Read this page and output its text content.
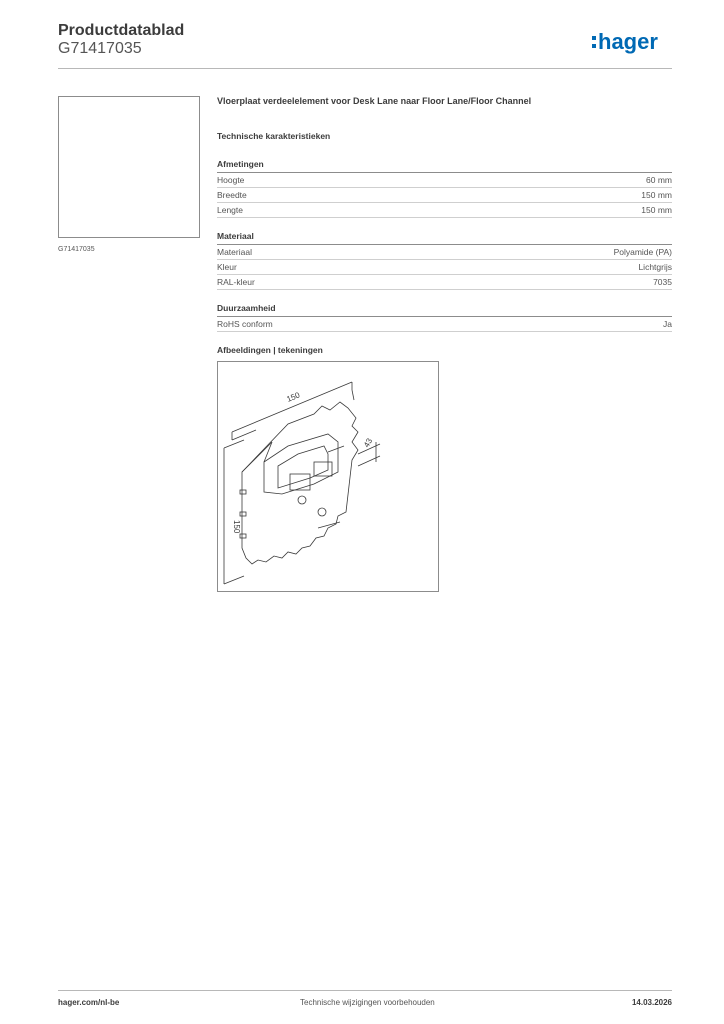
Productdatablad
G71417035	hager
G71417035
Vloerplaat verdeelelement voor Desk Lane naar Floor Lane/Floor Channel
Technische karakteristieken
Afmetingen
Hoogte	60 mm
Breedte	150 mm
Lengte	150 mm
Materiaal
Materiaal	Polyamide (PA)
Kleur	Lichtgrijs
RAL-kleur	7035
Duurzaamheid
RoHS conform	Ja
Afbeeldingen | tekeningen
150
150
43
hager.com/nl-be	Technische wijzigingen voorbehouden	14.03.2026
